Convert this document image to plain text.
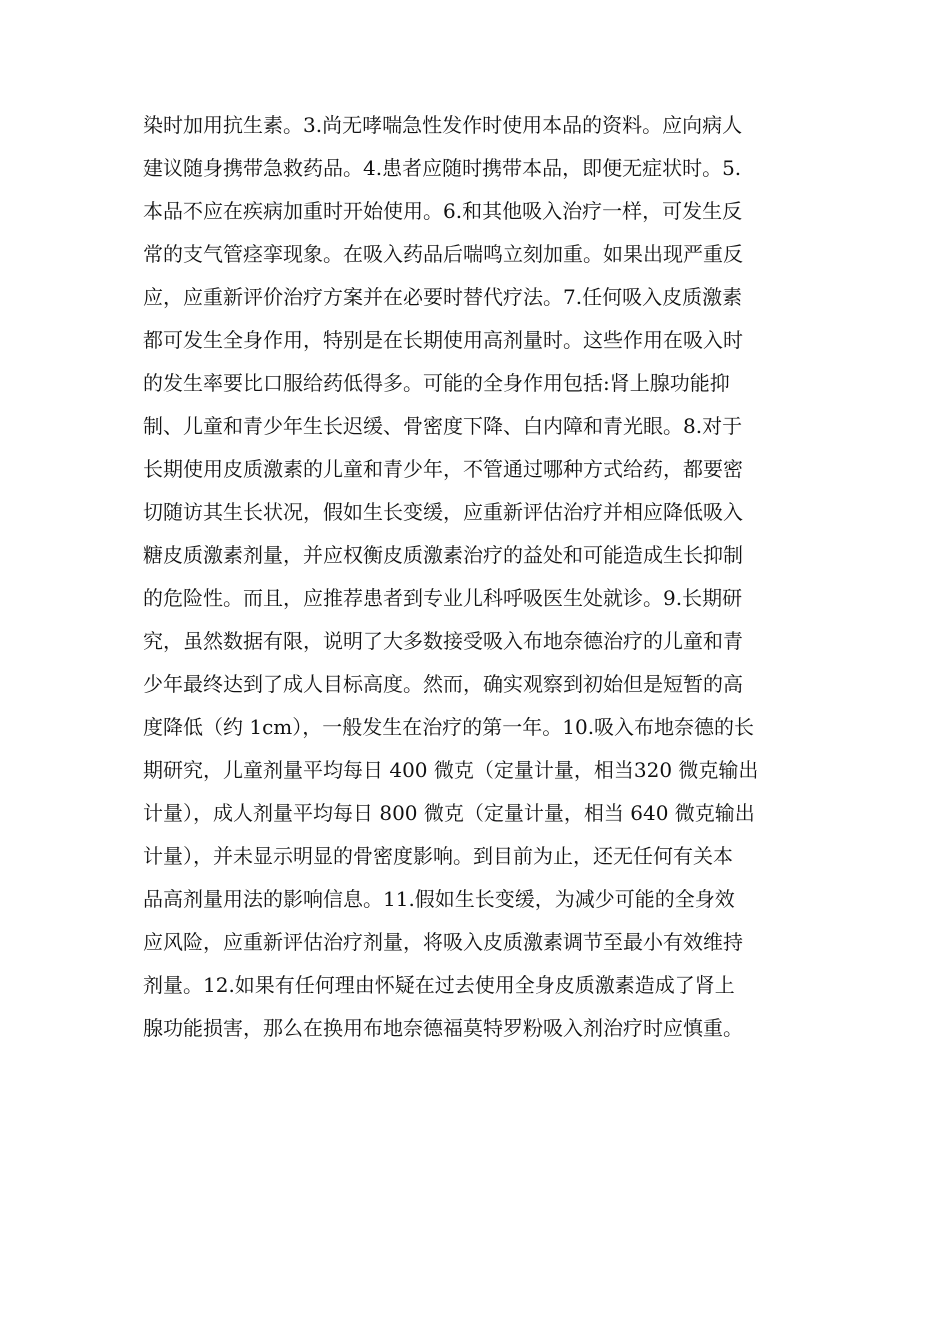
染时加用抗生素。3.尚无哮喘急性发作时使用本品的资料。应向病人
建议随身携带急救药品。4.患者应随时携带本品，即便无症状时。5.
本品不应在疾病加重时开始使用。6.和其他吸入治疗一样，可发生反
常的支气管痉挛现象。在吸入药品后喘鸣立刻加重。如果出现严重反
应，应重新评价治疗方案并在必要时替代疗法。7.任何吸入皮质激素
都可发生全身作用，特别是在长期使用高剂量时。这些作用在吸入时
的发生率要比口服给药低得多。可能的全身作用包括:肾上腺功能抑
制、儿童和青少年生长迟缓、骨密度下降、白内障和青光眼。8.对于
长期使用皮质激素的儿童和青少年，不管通过哪种方式给药，都要密
切随访其生长状况，假如生长变缓，应重新评估治疗并相应降低吸入
糖皮质激素剂量，并应权衡皮质激素治疗的益处和可能造成生长抑制
的危险性。而且，应推荐患者到专业儿科呼吸医生处就诊。9.长期研
究，虽然数据有限，说明了大多数接受吸入布地奈德治疗的儿童和青
少年最终达到了成人目标高度。然而，确实观察到初始但是短暂的高
度降低（约 1cm），一般发生在治疗的第一年。10.吸入布地奈德的长
期研究，儿童剂量平均每日 400 微克（定量计量，相当320 微克输出
计量），成人剂量平均每日 800 微克（定量计量，相当 640 微克输出
计量），并未显示明显的骨密度影响。到目前为止，还无任何有关本
品高剂量用法的影响信息。11.假如生长变缓，为减少可能的全身效
应风险，应重新评估治疗剂量，将吸入皮质激素调节至最小有效维持
剂量。12.如果有任何理由怀疑在过去使用全身皮质激素造成了肾上
腺功能损害，那么在换用布地奈德福莫特罗粉吸入剂治疗时应慎重。
